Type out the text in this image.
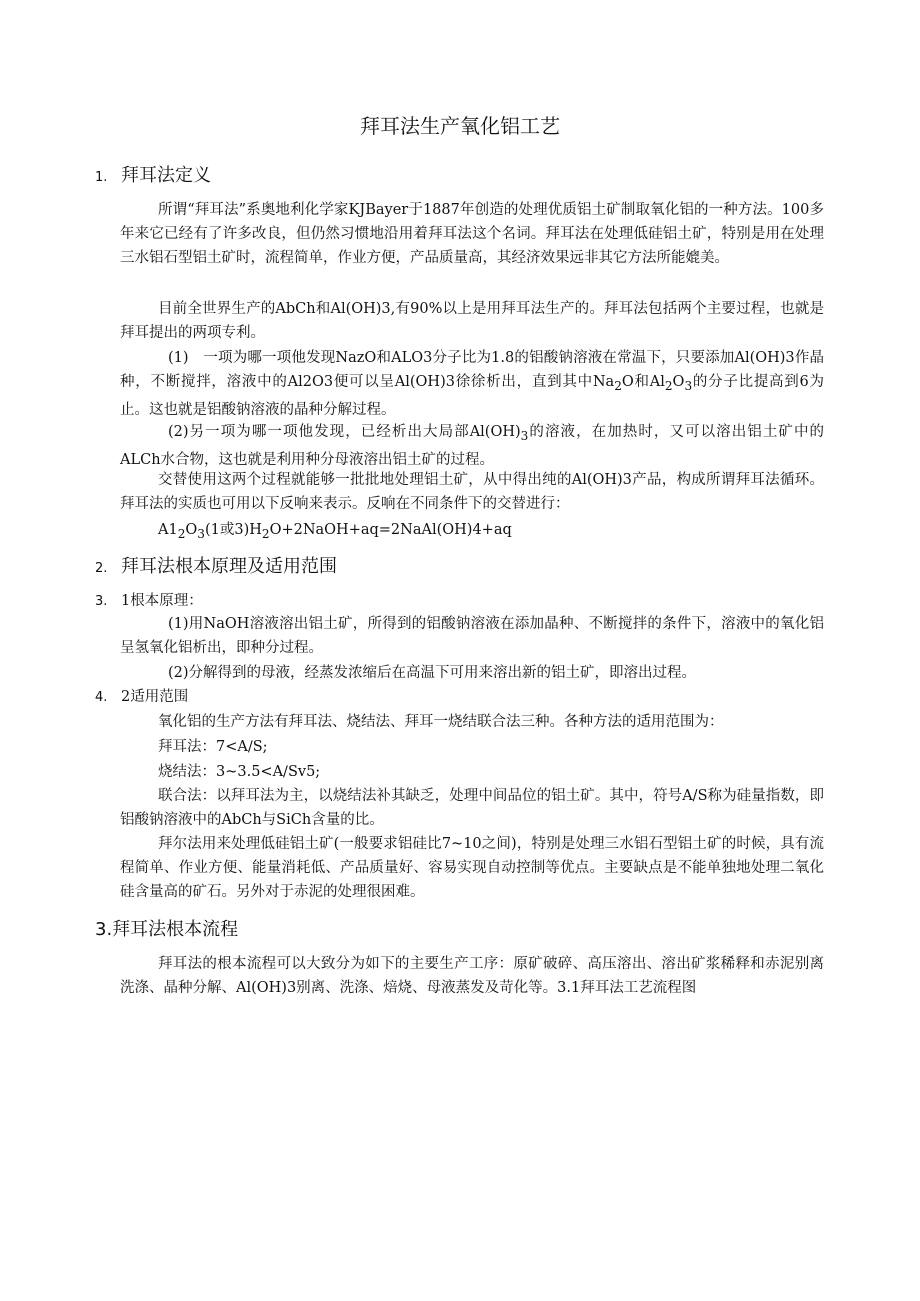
拜耳法生产氧化铝工艺
1. 拜耳法定义

所谓“拜耳法”系奥地利化学家KJBayer于1887年创造的处理优质铝土矿制取氧化铝的一种方法。100多年来它已经有了许多改良，但仍然习惯地沿用着拜耳法这个名词。拜耳法在处理低硅铝土矿，特别是用在处理三水铝石型铝土矿时，流程简单，作业方便，产品质量高，其经济效果远非其它方法所能媲美。

目前全世界生产的AbCh和Al(OH)3,有90%以上是用拜耳法生产的。拜耳法包括两个主要过程，也就是拜耳提出的两项专利。

(1)　一项为哪一项他发现NazO和ALO3分子比为1.8的铝酸钠溶液在常温下，只要添加Al(OH)3作晶种，不断搅拌，溶液中的Al2O3便可以呈Al(OH)3徐徐析出，直到其中$Na_2O$和$Al_2O_3$的分子比提高到6为止。这也就是铝酸钠溶液的晶种分解过程。

(2)另一项为哪一项他发现，已经析出大局部$Al(OH)_3$的溶液，在加热时，又可以溶出铝土矿中的ALCh水合物，这也就是利用种分母液溶出铝土矿的过程。

交替使用这两个过程就能够一批批地处理铝土矿，从中得出纯的Al(OH)3产品，构成所谓拜耳法循环。拜耳法的实质也可用以下反响来表示。反响在不同条件下的交替进行：

$A1_2O_3(1$或$3)H_2O+2NaOH+aq=2NaAl(OH)4+aq$
2. 拜耳法根本原理及适用范围
3. 1根本原理：

(1)用NaOH溶液溶出铝土矿，所得到的铝酸钠溶液在添加晶种、不断搅拌的条件下，溶液中的氧化铝呈氢氧化铝析出，即种分过程。

(2)分解得到的母液，经蒸发浓缩后在高温下可用来溶出新的铝土矿，即溶出过程。

4. 2适用范围
氧化铝的生产方法有拜耳法、烧结法、拜耳一烧结联合法三种。各种方法的适用范围为：
拜耳法：7<A∕S;
烧结法：3~3.5<A∕Sv5;

联合法：以拜耳法为主，以烧结法补其缺乏，处理中间品位的铝土矿。其中，符号A/S称为硅量指数，即铝酸钠溶液中的AbCh与SiCh含量的比。

拜尔法用来处理低硅铝土矿(一般要求铝硅比7~10之间)，特别是处理三水铝石型铝土矿的时候，具有流程简单、作业方便、能量消耗低、产品质量好、容易实现自动控制等优点。主要缺点是不能单独地处理二氧化硅含量高的矿石。另外对于赤泥的处理很困难。

3.拜耳法根本流程

拜耳法的根本流程可以大致分为如下的主要生产工序：原矿破碎、高压溶出、溶出矿浆稀释和赤泥别离洗涤、晶种分解、Al(OH)3别离、洗涤、焙烧、母液蒸发及苛化等。3.1拜耳法工艺流程图
